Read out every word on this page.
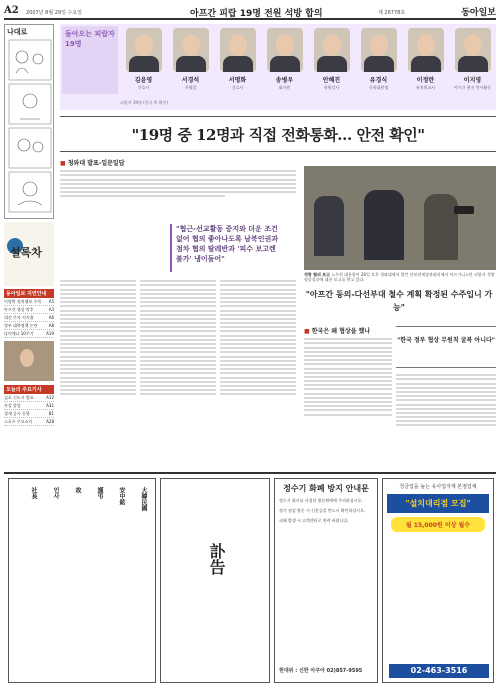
A2 2007년 8월 29일 수요일	아프간 피랍 19명 전원 석방 합의	제 26778호	동아일보
나대로
설록차
동아일보 지면안내
이명박 정치행보 주목 A5
아프간 협상 막후	A3
대선 주자 지지율	A6
정부 대북정책 논란	A8
다이애나 10주기	A19
오늘의 주요기사
김포 신도시 발표	A12
사설 칼럼	A31
경제 증시 동향	B1
스포츠 주요소식	A28
돌아오는 피랍자 19명
김윤영
간호사
서경석
자영업
서명화
간호사
송병우
회사원
안혜진
학원강사
유경식
신학대원생
이정란
유치원교사
이지영
아프간 현지 봉사활동
피랍자 19명 (한국 측 확인)
"19명 중 12명과 직접 전화통화… 안전 확인"
■ 청와대 발표-일문일답
"협근-선교활동 중지와 더운 조건 없어 협의 좋아나도록 남북인권과 점차 협의 탈레반과 '피수 보고렌 불가' 냉이돌어"
석방 협의 보고 노무현 대통령이 28일 오후 청와대에서 열린 안보관계장관회의에서 아프가니스탄 피랍자 석방 협상결과에 대한 보고를 받고 있다.
"아프간 동의-다선부대 철수 계획 확정된 수주입니 가능"
■ 한국은 왜 협상을 했나
"한국 정부 협상 무원칙 굴복 아니다"
大韓民國
安中鉉
謹弔
故
인사
社長
訃告
정수기 화폐 방지 안내문
정수기 회사를 사칭한 방문판매에 주의하십시오.
정기 점검 방문 시 신분증을 반드시 확인하십시오.
피해 발생 시 고객센터로 연락 바랍니다.
현대위 : 신한 아쿠아 02)857-9595
청금업을 높는 유사업자계 본점업체
"설치대리점 모집"
월 15,000원 이상 월수
02-463-3516
